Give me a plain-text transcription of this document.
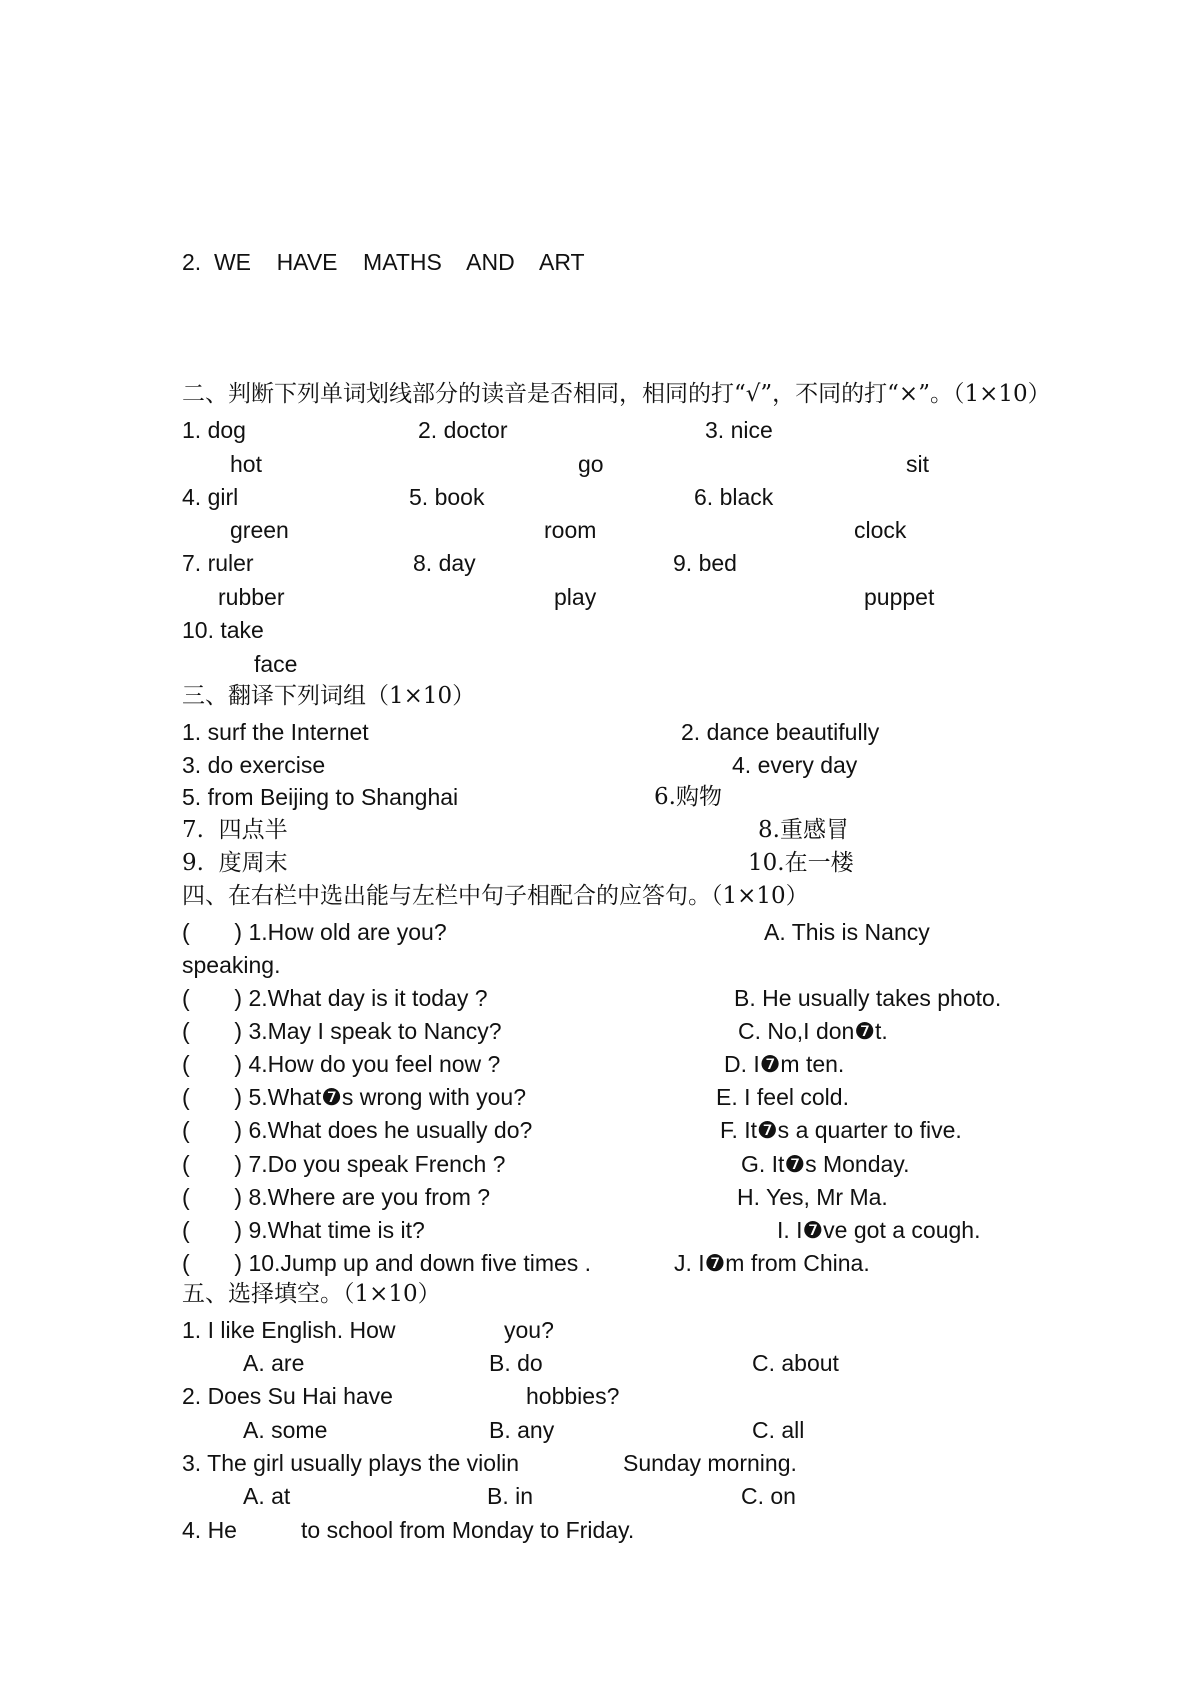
2.  WE    HAVE    MATHS    AND    ART
二、判断下列单词划线部分的读音是否相同，相同的打“√”，不同的打“×”。（1×10）
1. dog	2. doctor	3. nice
hot	go	sit
4. girl	5. book	6. black
green	room	clock
7. ruler	8. day	9. bed
rubber	play	puppet
10. take
face
三、翻译下列词组（1×10）
1. surf the Internet	2. dance beautifully
3. do exercise	4. every day
5. from Beijing to Shanghai	6.购物
7.  四点半	8.重感冒
9.  度周末	10.在一楼
四、在右栏中选出能与左栏中句子相配合的应答句。（1×10）
(       ) 1.How old are you?	A. This is Nancy
speaking.
(       ) 2.What day is it today ?	B. He usually takes photo.
(       ) 3.May I speak to Nancy?	C. No,I don❼t.
(       ) 4.How do you feel now ?	D. I❼m ten.
(       ) 5.What❼s wrong with you?	E. I feel cold.
(       ) 6.What does he usually do?	F. It❼s a quarter to five.
(       ) 7.Do you speak French ?	G. It❼s Monday.
(       ) 8.Where are you from ?	H. Yes, Mr Ma.
(       ) 9.What time is it?	I. I❼ve got a cough.
(       ) 10.Jump up and down five times .	J. I❼m from China.
五、选择填空。（1×10）
1. I like English. How	you?
A. are	B. do	C. about
2. Does Su Hai have	hobbies?
A. some	B. any	C. all
3. The girl usually plays the violin	Sunday morning.
A. at	B. in	C. on
4. He	to school from Monday to Friday.
